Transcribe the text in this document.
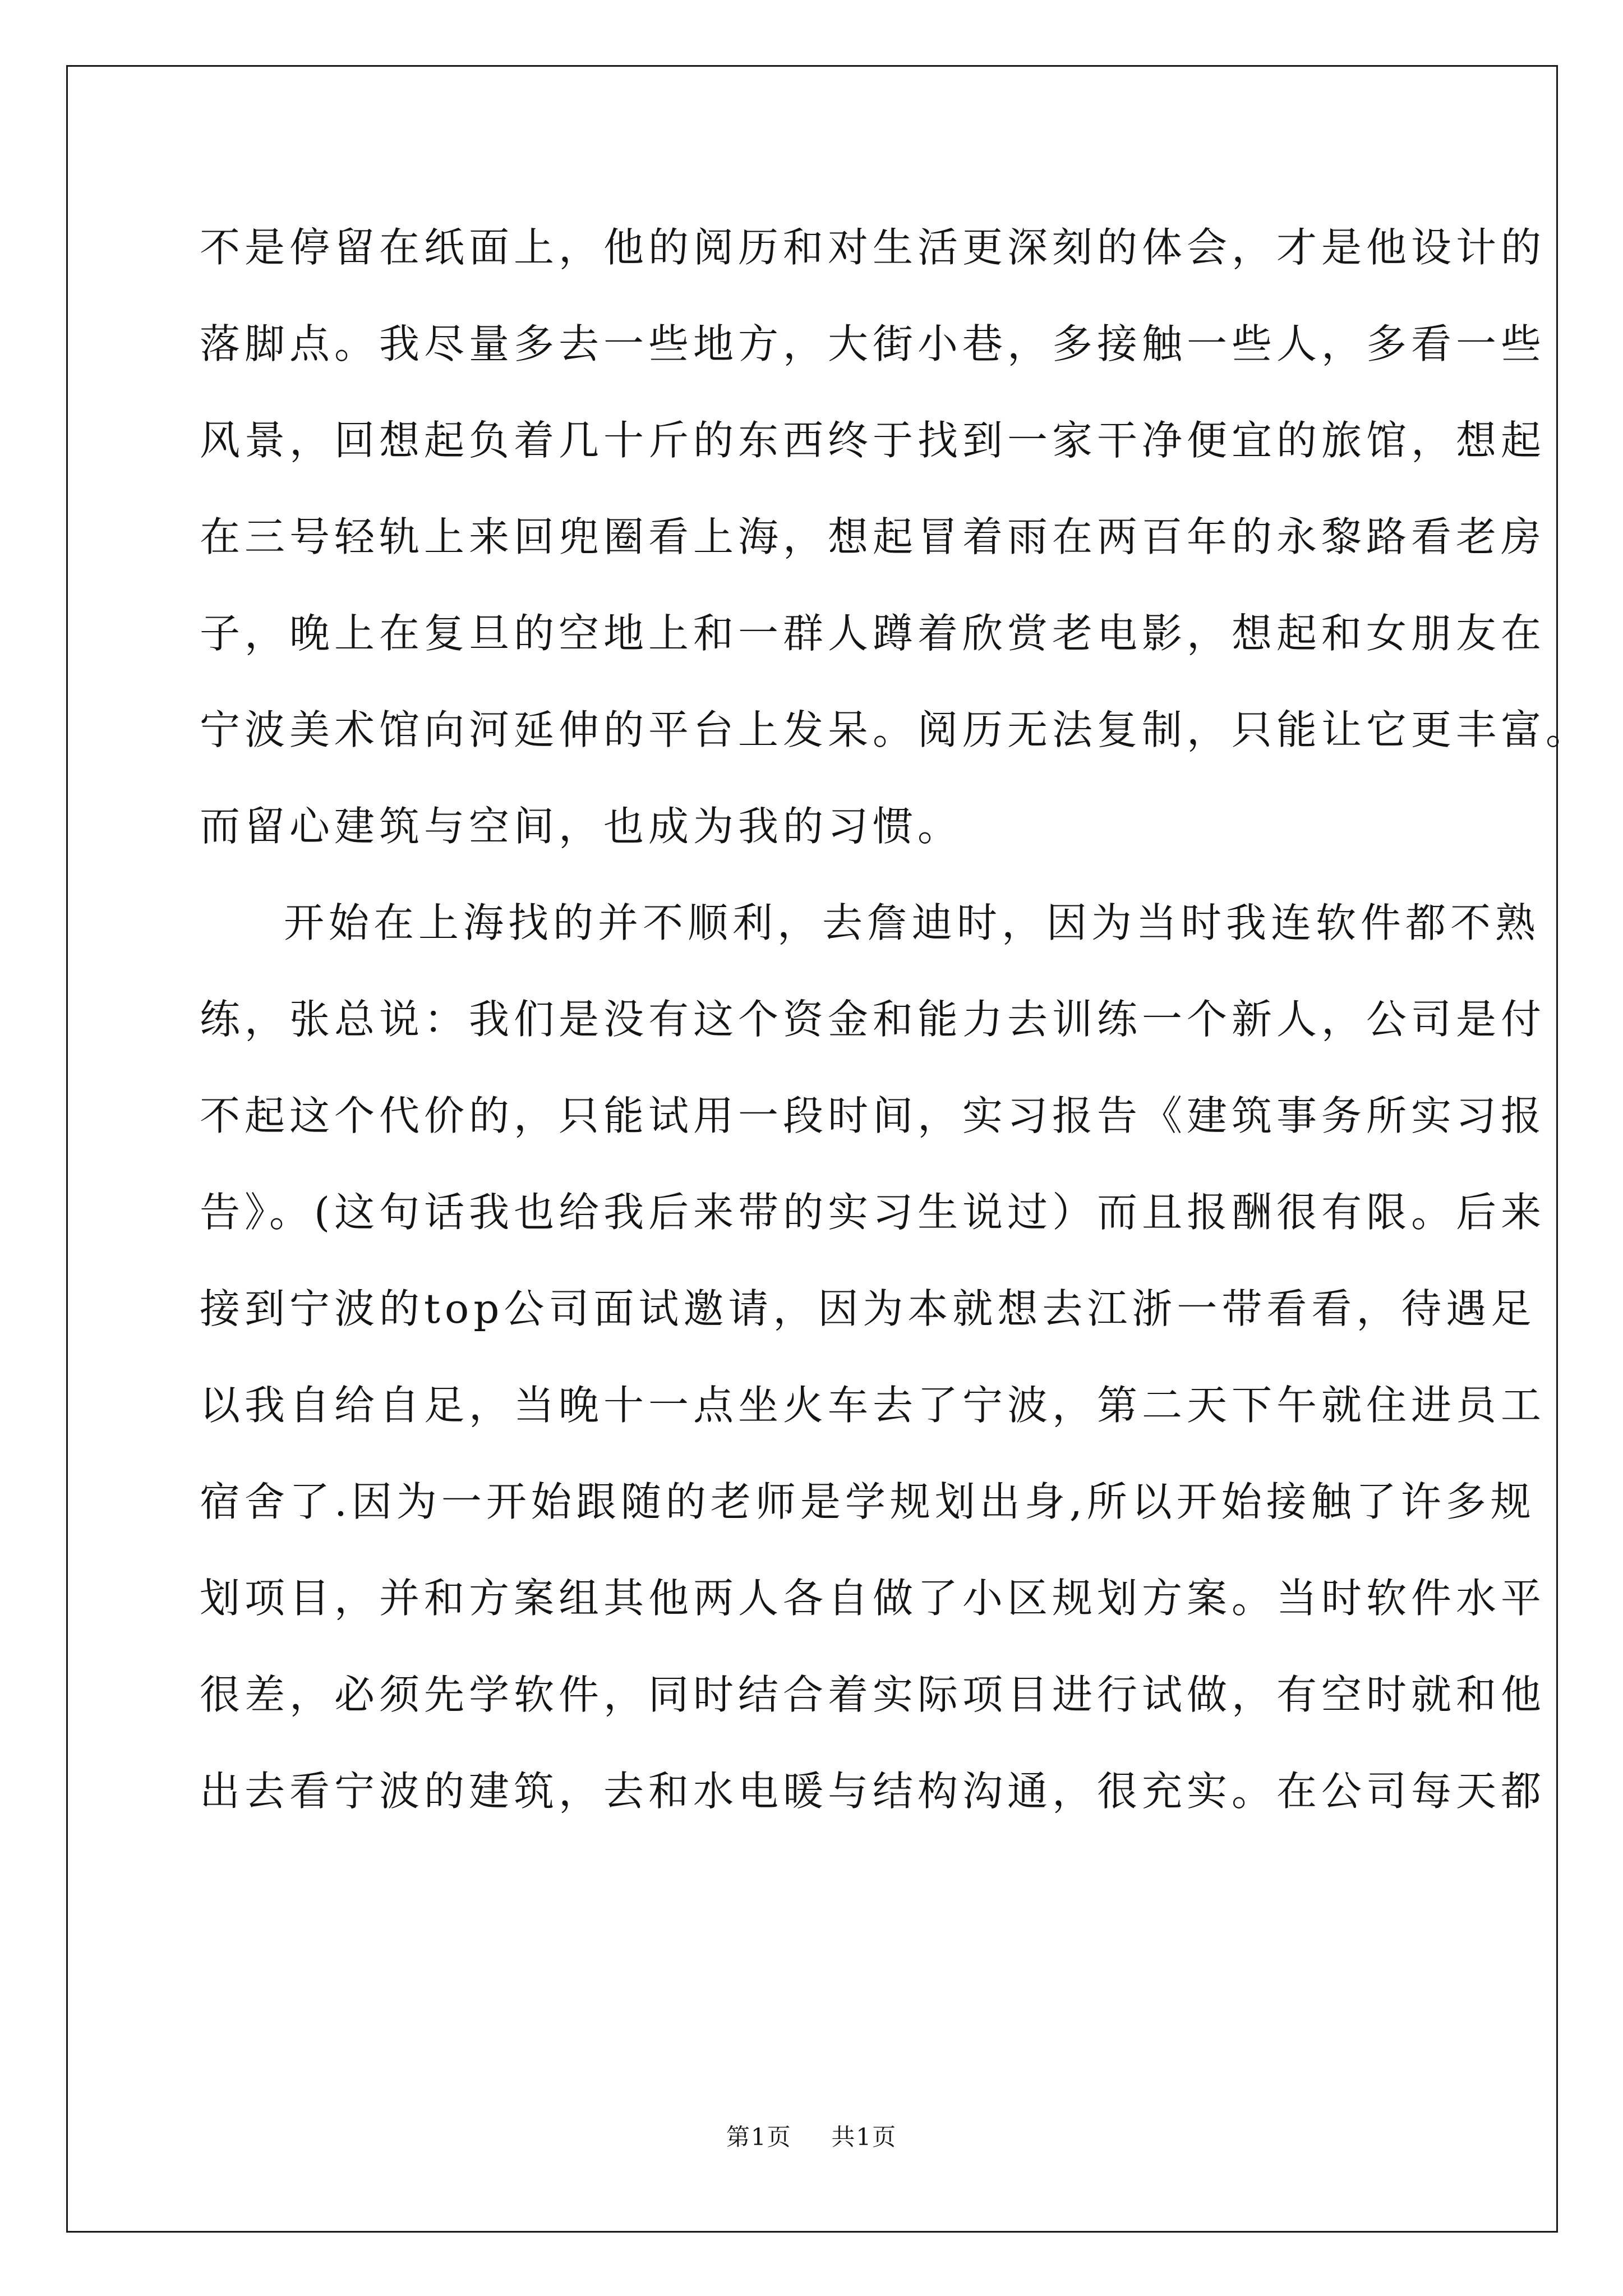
不是停留在纸面上，他的阅历和对生活更深刻的体会，才是他设计的
落脚点。我尽量多去一些地方，大街小巷，多接触一些人，多看一些
风景，回想起负着几十斤的东西终于找到一家干净便宜的旅馆，想起
在三号轻轨上来回兜圈看上海，想起冒着雨在两百年的永黎路看老房
子，晚上在复旦的空地上和一群人蹲着欣赏老电影，想起和女朋友在
宁波美术馆向河延伸的平台上发呆。阅历无法复制，只能让它更丰富。
而留心建筑与空间，也成为我的习惯。
开始在上海找的并不顺利，去詹迪时，因为当时我连软件都不熟
练，张总说：我们是没有这个资金和能力去训练一个新人，公司是付
不起这个代价的，只能试用一段时间，实习报告《建筑事务所实习报
告》。(这句话我也给我后来带的实习生说过）而且报酬很有限。后来
接到宁波的top公司面试邀请，因为本就想去江浙一带看看，待遇足
以我自给自足，当晚十一点坐火车去了宁波，第二天下午就住进员工
宿舍了.因为一开始跟随的老师是学规划出身,所以开始接触了许多规
划项目，并和方案组其他两人各自做了小区规划方案。当时软件水平
很差，必须先学软件，同时结合着实际项目进行试做，有空时就和他
出去看宁波的建筑，去和水电暖与结构沟通，很充实。在公司每天都
第1页 共1页
